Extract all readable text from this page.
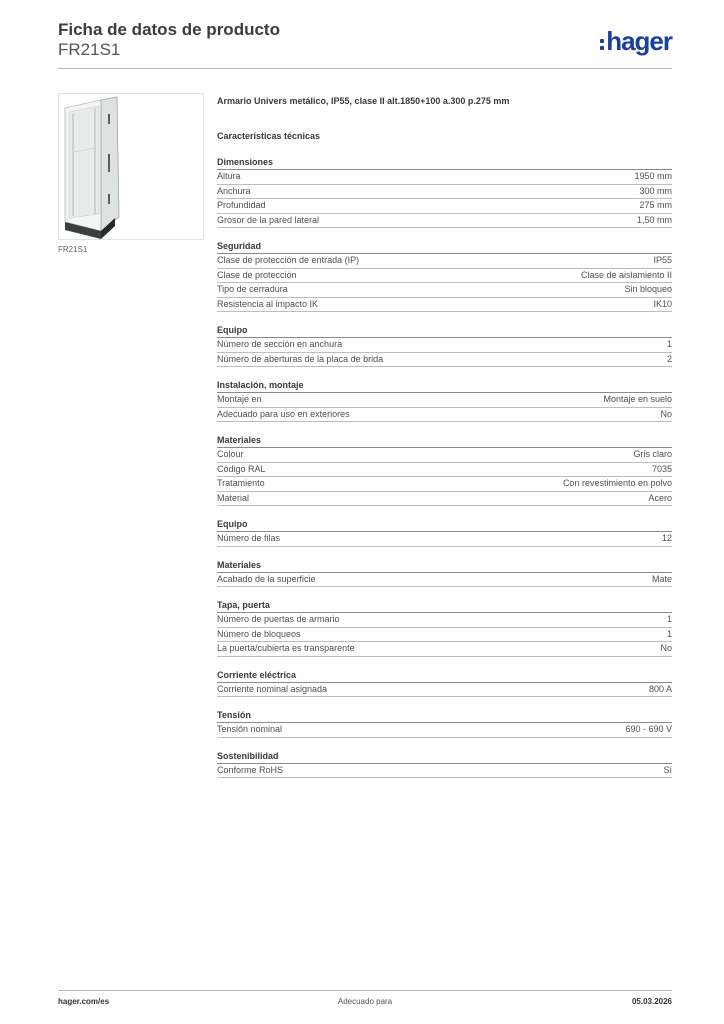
Ficha de datos de producto
FR21S1	hager
FR21S1
Armario Univers metálico, IP55, clase II alt.1850+100 a.300 p.275 mm
Características técnicas
Dimensiones
Altura	1950 mm
Anchura	300 mm
Profundidad	275 mm
Grosor de la pared lateral	1,50 mm
Seguridad
Clase de protección de entrada (IP)	IP55
Clase de protección	Clase de aislamiento II
Tipo de cerradura	Sin bloqueo
Resistencia al impacto IK	IK10
Equipo
Número de sección en anchura	1
Número de aberturas de la placa de brida	2
Instalación, montaje
Montaje en	Montaje en suelo
Adecuado para uso en exteriores	No
Materiales
Colour	Gris claro
Código RAL	7035
Tratamiento	Con revestimiento en polvo
Material	Acero
Equipo
Número de filas	12
Materiales
Acabado de la superficie	Mate
Tapa, puerta
Número de puertas de armario	1
Número de bloqueos	1
La puerta/cubierta es transparente	No
Corriente eléctrica
Corriente nominal asignada	800 A
Tensión
Tensión nominal	690 - 690 V
Sostenibilidad
Conforme RoHS	Sí
hager.com/es	Adecuado para	05.03.2026
